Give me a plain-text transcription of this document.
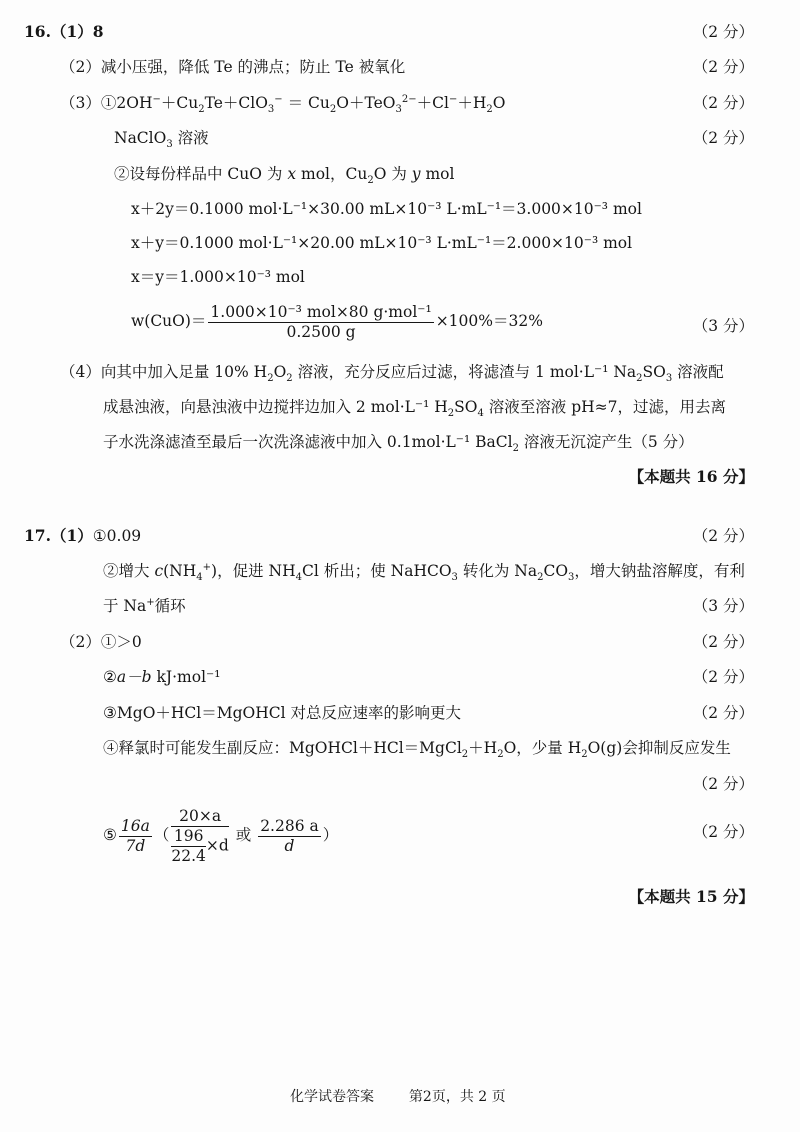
16.（1）8	（2 分）
（2）减小压强，降低 Te 的沸点；防止 Te 被氧化	（2 分）
$(3)①2OH^-+Cu_2Te+ClO_3^- = Cu_2O+TeO_3^{2-}+Cl^-+H_2O$	（2 分）
NaClO$_3$ 溶液	（2 分）
②设每份样品中 CuO 为 x mol，$Cu_2O$ 为 y mol
x＋2y＝0.1000 mol·L⁻¹×30.00 mL×10⁻³ L·mL⁻¹＝3.000×10⁻³ mol
x＋y＝0.1000 mol·L⁻¹×20.00 mL×10⁻³ L·mL⁻¹＝2.000×10⁻³ mol
x＝y＝1.000×10⁻³ mol
$w(CuO)= \frac{\text{1.000×10⁻³ mol×80 g·mol⁻¹}}{0.2500 g} \times 100\%=32\%$	（3 分）
（4）向其中加入足量 10% $H_2O_2$ 溶液，充分反应后过滤，将滤渣与 1 mol·L⁻¹ $Na_2SO_3$ 溶液配
成悬浊液，向悬浊液中边搅拌边加入 2 mol·L⁻¹ $H_2SO_4$ 溶液至溶液 pH≈7，过滤，用去离
子水洗涤滤渣至最后一次洗涤滤液中加入 0.1mol·L⁻¹ BaCl$_2$ 溶液无沉淀产生（5 分）
【本题共 16 分】
17.（1）①0.09	（2 分）
②增大 $c(NH_4^+)$，促进 $NH_4Cl$ 析出；使 NaHCO$_3$ 转化为 $Na_2CO_3$，增大钠盐溶解度，有利
于 Na+循环	（3 分）
（2）①＞0	（2 分）
②a－b kJ·mol⁻¹	（2 分）
③MgO＋HCl＝MgOHCl 对总反应速率的影响更大	（2 分）
④释氯时可能发生副反应：$MgOHCl+HCl=MgCl_2+H_2O$，少量 $H_2O(g)$会抑制反应发生
（2 分）
⑤ $\frac{16a}{7d}$ （ $\frac{20\times a}{\frac{196}{22.4} \times d}$ 或 $\frac{2.286 a}{d}$ ）	（2 分）
【本题共 15 分】
化学试卷答案 第2页，共 2 页
